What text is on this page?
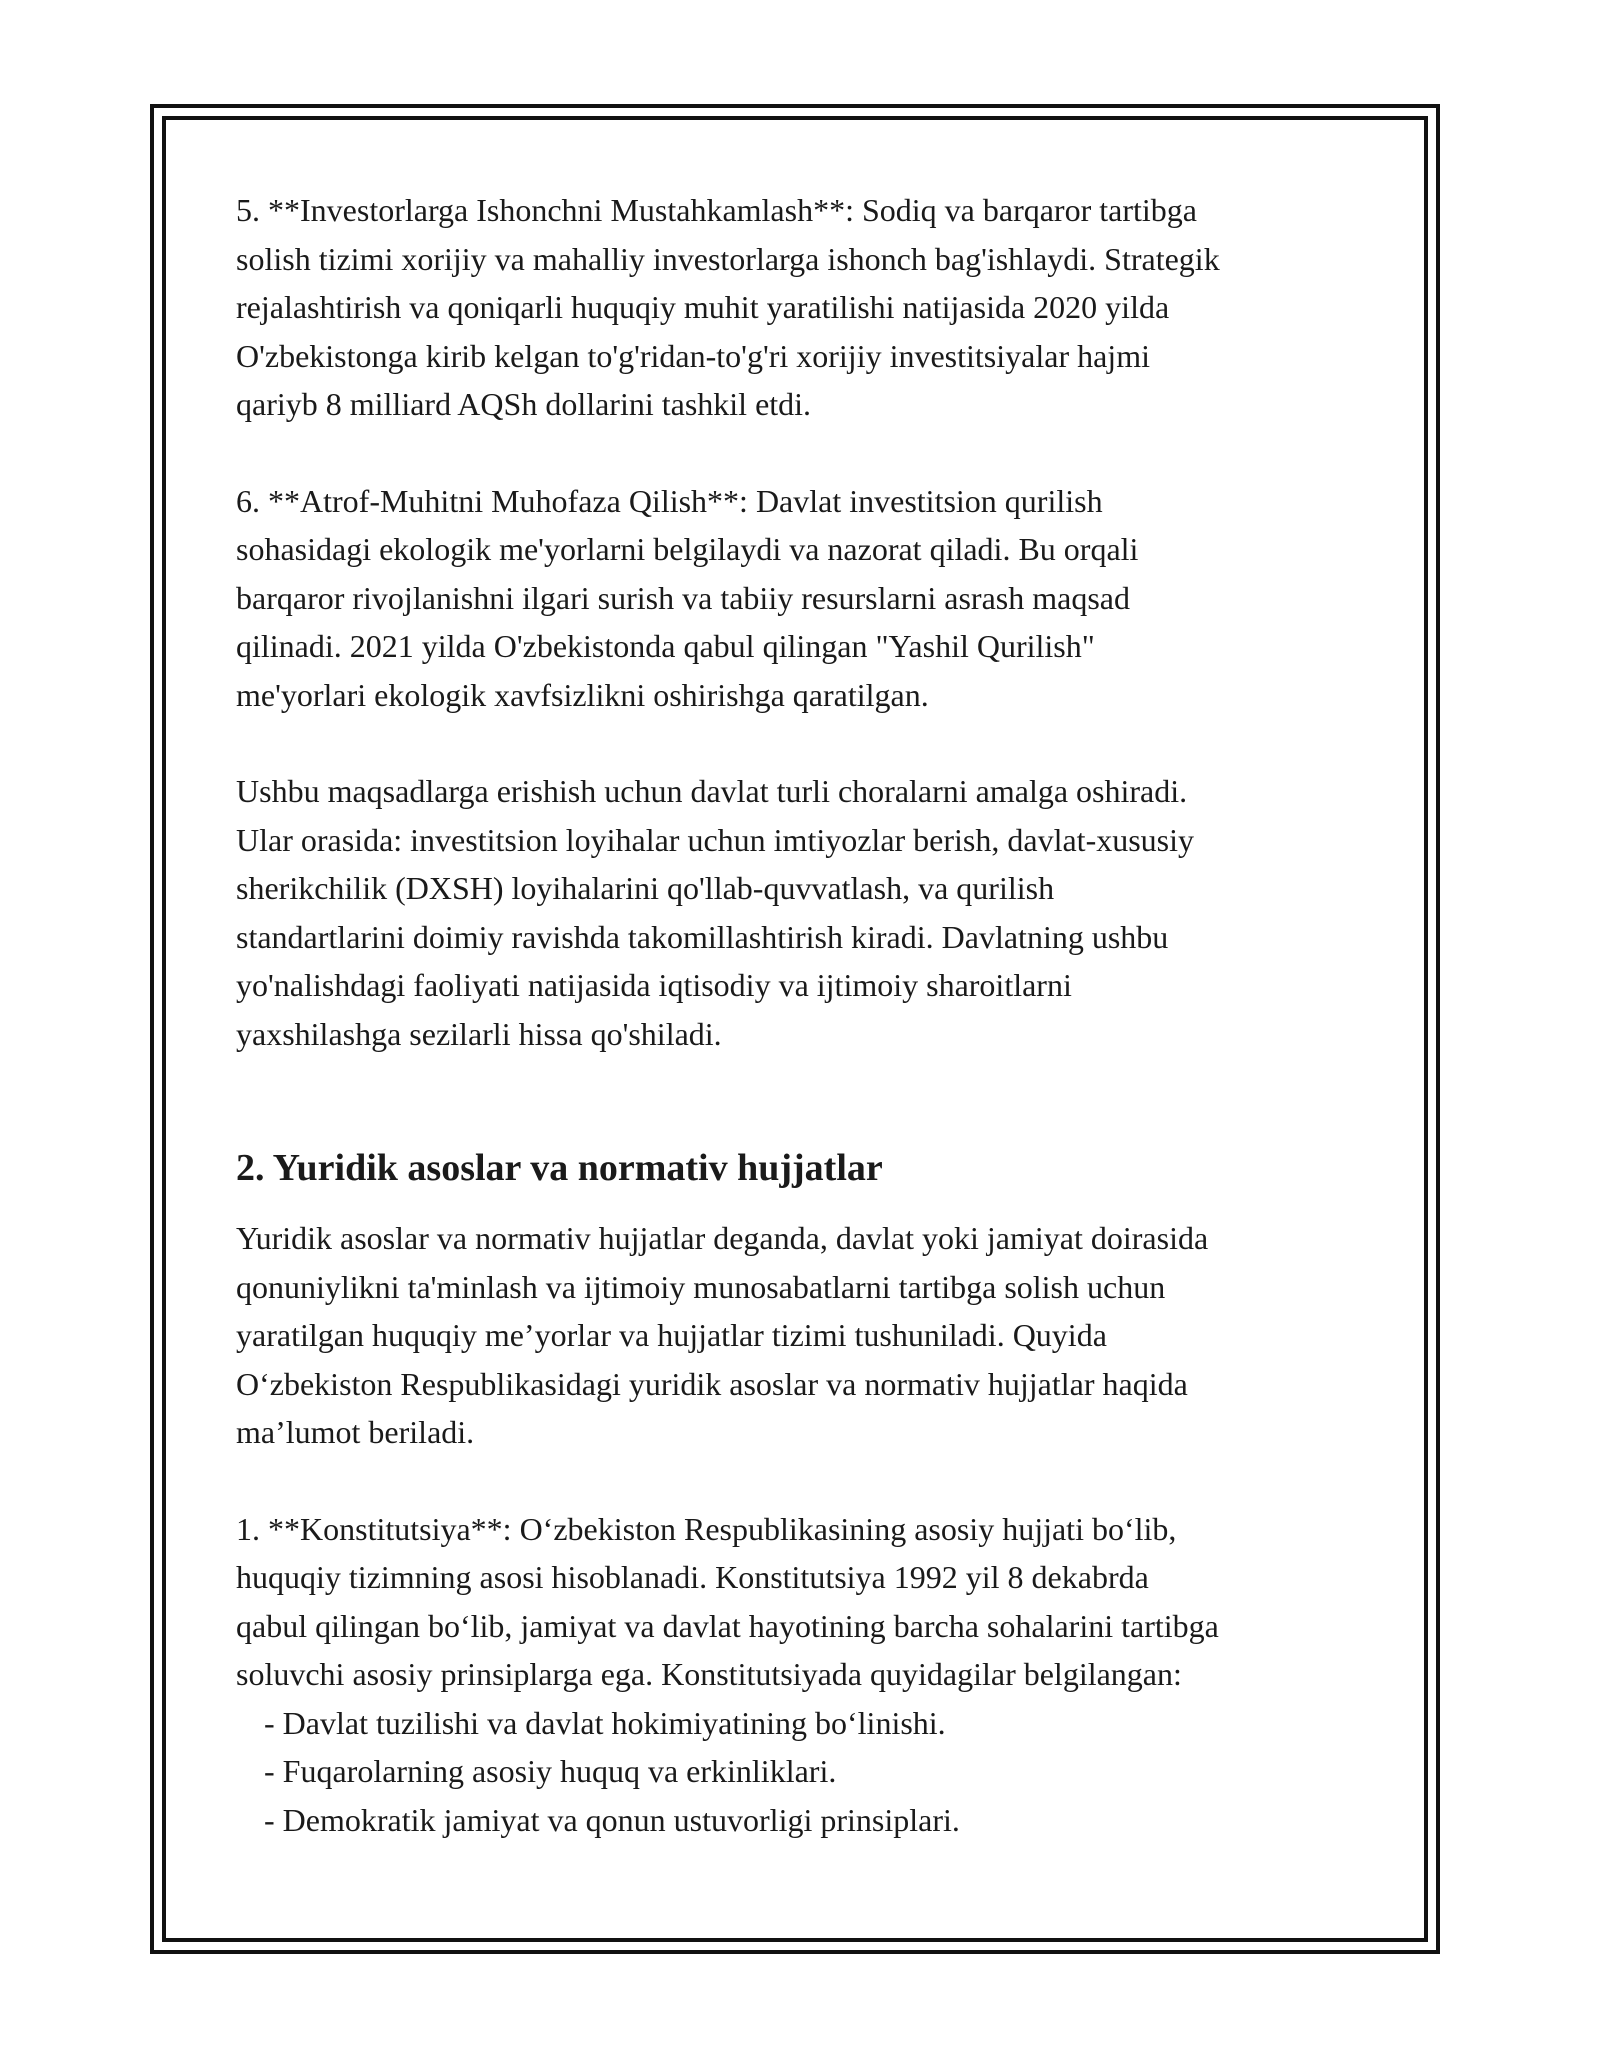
5. **Investorlarga Ishonchni Mustahkamlash**: Sodiq va barqaror tartibga
solish tizimi xorijiy va mahalliy investorlarga ishonch bag'ishlaydi. Strategik
rejalashtirish va qoniqarli huquqiy muhit yaratilishi natijasida 2020 yilda
O'zbekistonga kirib kelgan to'g'ridan-to'g'ri xorijiy investitsiyalar hajmi
qariyb 8 milliard AQSh dollarini tashkil etdi.

6. **Atrof-Muhitni Muhofaza Qilish**: Davlat investitsion qurilish
sohasidagi ekologik me'yorlarni belgilaydi va nazorat qiladi. Bu orqali
barqaror rivojlanishni ilgari surish va tabiiy resurslarni asrash maqsad
qilinadi. 2021 yilda O'zbekistonda qabul qilingan "Yashil Qurilish"
me'yorlari ekologik xavfsizlikni oshirishga qaratilgan.

Ushbu maqsadlarga erishish uchun davlat turli choralarni amalga oshiradi.
Ular orasida: investitsion loyihalar uchun imtiyozlar berish, davlat-xususiy
sherikchilik (DXSH) loyihalarini qo'llab-quvvatlash, va qurilish
standartlarini doimiy ravishda takomillashtirish kiradi. Davlatning ushbu
yo'nalishdagi faoliyati natijasida iqtisodiy va ijtimoiy sharoitlarni
yaxshilashga sezilarli hissa qo'shiladi.

2. Yuridik asoslar va normativ hujjatlar

Yuridik asoslar va normativ hujjatlar deganda, davlat yoki jamiyat doirasida
qonuniylikni ta'minlash va ijtimoiy munosabatlarni tartibga solish uchun
yaratilgan huquqiy me’yorlar va hujjatlar tizimi tushuniladi. Quyida
O‘zbekiston Respublikasidagi yuridik asoslar va normativ hujjatlar haqida
ma’lumot beriladi.

1. **Konstitutsiya**: O‘zbekiston Respublikasining asosiy hujjati bo‘lib,
huquqiy tizimning asosi hisoblanadi. Konstitutsiya 1992 yil 8 dekabrda
qabul qilingan bo‘lib, jamiyat va davlat hayotining barcha sohalarini tartibga
soluvchi asosiy prinsiplarga ega. Konstitutsiyada quyidagilar belgilangan:

- Davlat tuzilishi va davlat hokimiyatining bo‘linishi.
- Fuqarolarning asosiy huquq va erkinliklari.
- Demokratik jamiyat va qonun ustuvorligi prinsiplari.
